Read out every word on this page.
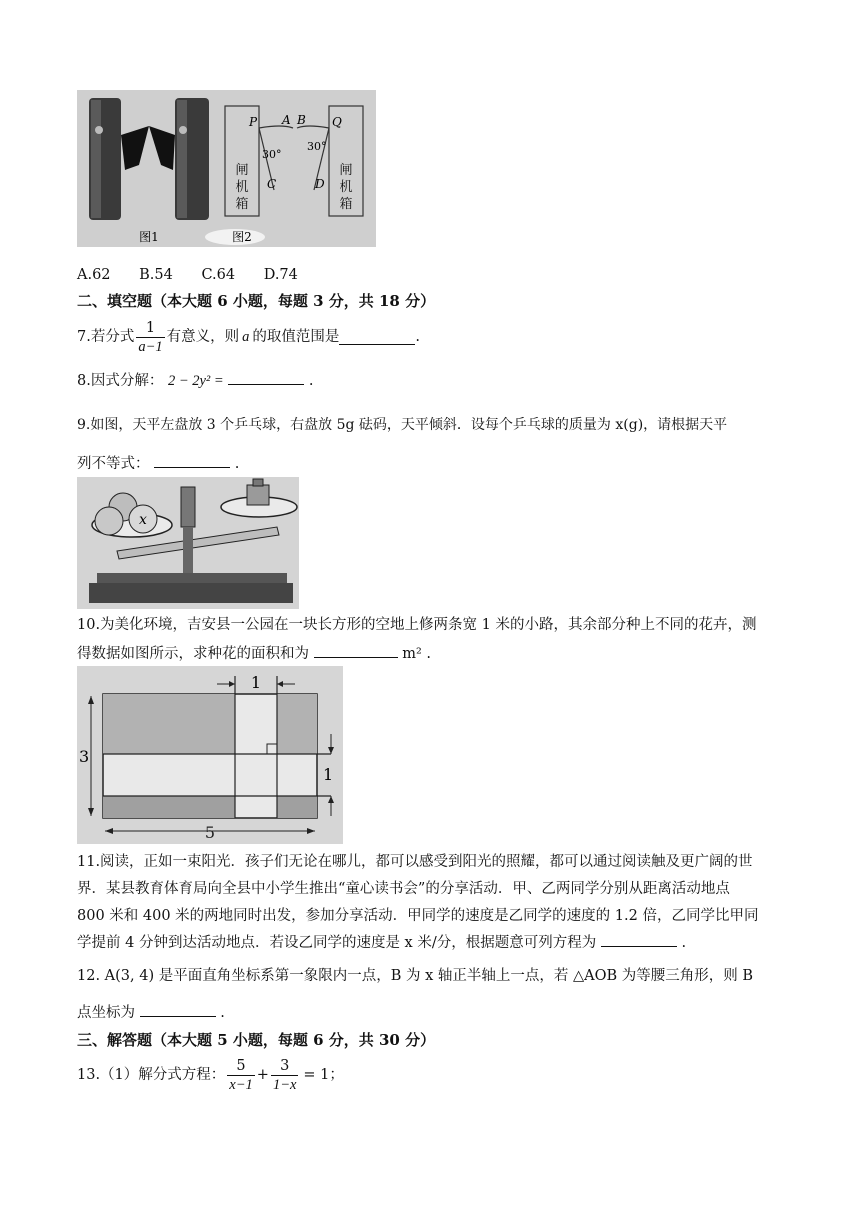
图1
P A B Q
30°
30°
C	D
图2
闸机箱
闸机箱
A.62 B.54 C.64 D.74
二、填空题（本大题 6 小题，每题 3 分，共 18 分）
7.若分式 $\frac{1}{a-1}$ 有意义，则 a 的取值范围是	.
8.因式分解： 2 − 2y² =	.
9.如图，天平左盘放 3 个乒乓球，右盘放 5g 砝码，天平倾斜．设每个乒乓球的质量为 x(g)，请根据天平
列不等式：	.
x
10.为美化环境，吉安县一公园在一块长方形的空地上修两条宽 1 米的小路，其余部分种上不同的花卉，测
得数据如图所示，求种花的面积和为	m² .
1
3
1
5
11.阅读，正如一束阳光．孩子们无论在哪儿，都可以感受到阳光的照耀，都可以通过阅读触及更广阔的世
界．某县教育体育局向全县中小学生推出“童心读书会”的分享活动．甲、乙两同学分别从距离活动地点
800 米和 400 米的两地同时出发，参加分享活动．甲同学的速度是乙同学的速度的 1.2 倍，乙同学比甲同
学提前 4 分钟到达活动地点．若设乙同学的速度是 x 米/分，根据题意可列方程为	.
12. A(3, 4) 是平面直角坐标系第一象限内一点，B 为 x 轴正半轴上一点，若 △AOB 为等腰三角形，则 B
点坐标为	.
三、解答题（本大题 5 小题，每题 6 分，共 30 分）
13.（1）解分式方程： $\frac{5}{x-1} + \frac{3}{1-x} = 1$；
